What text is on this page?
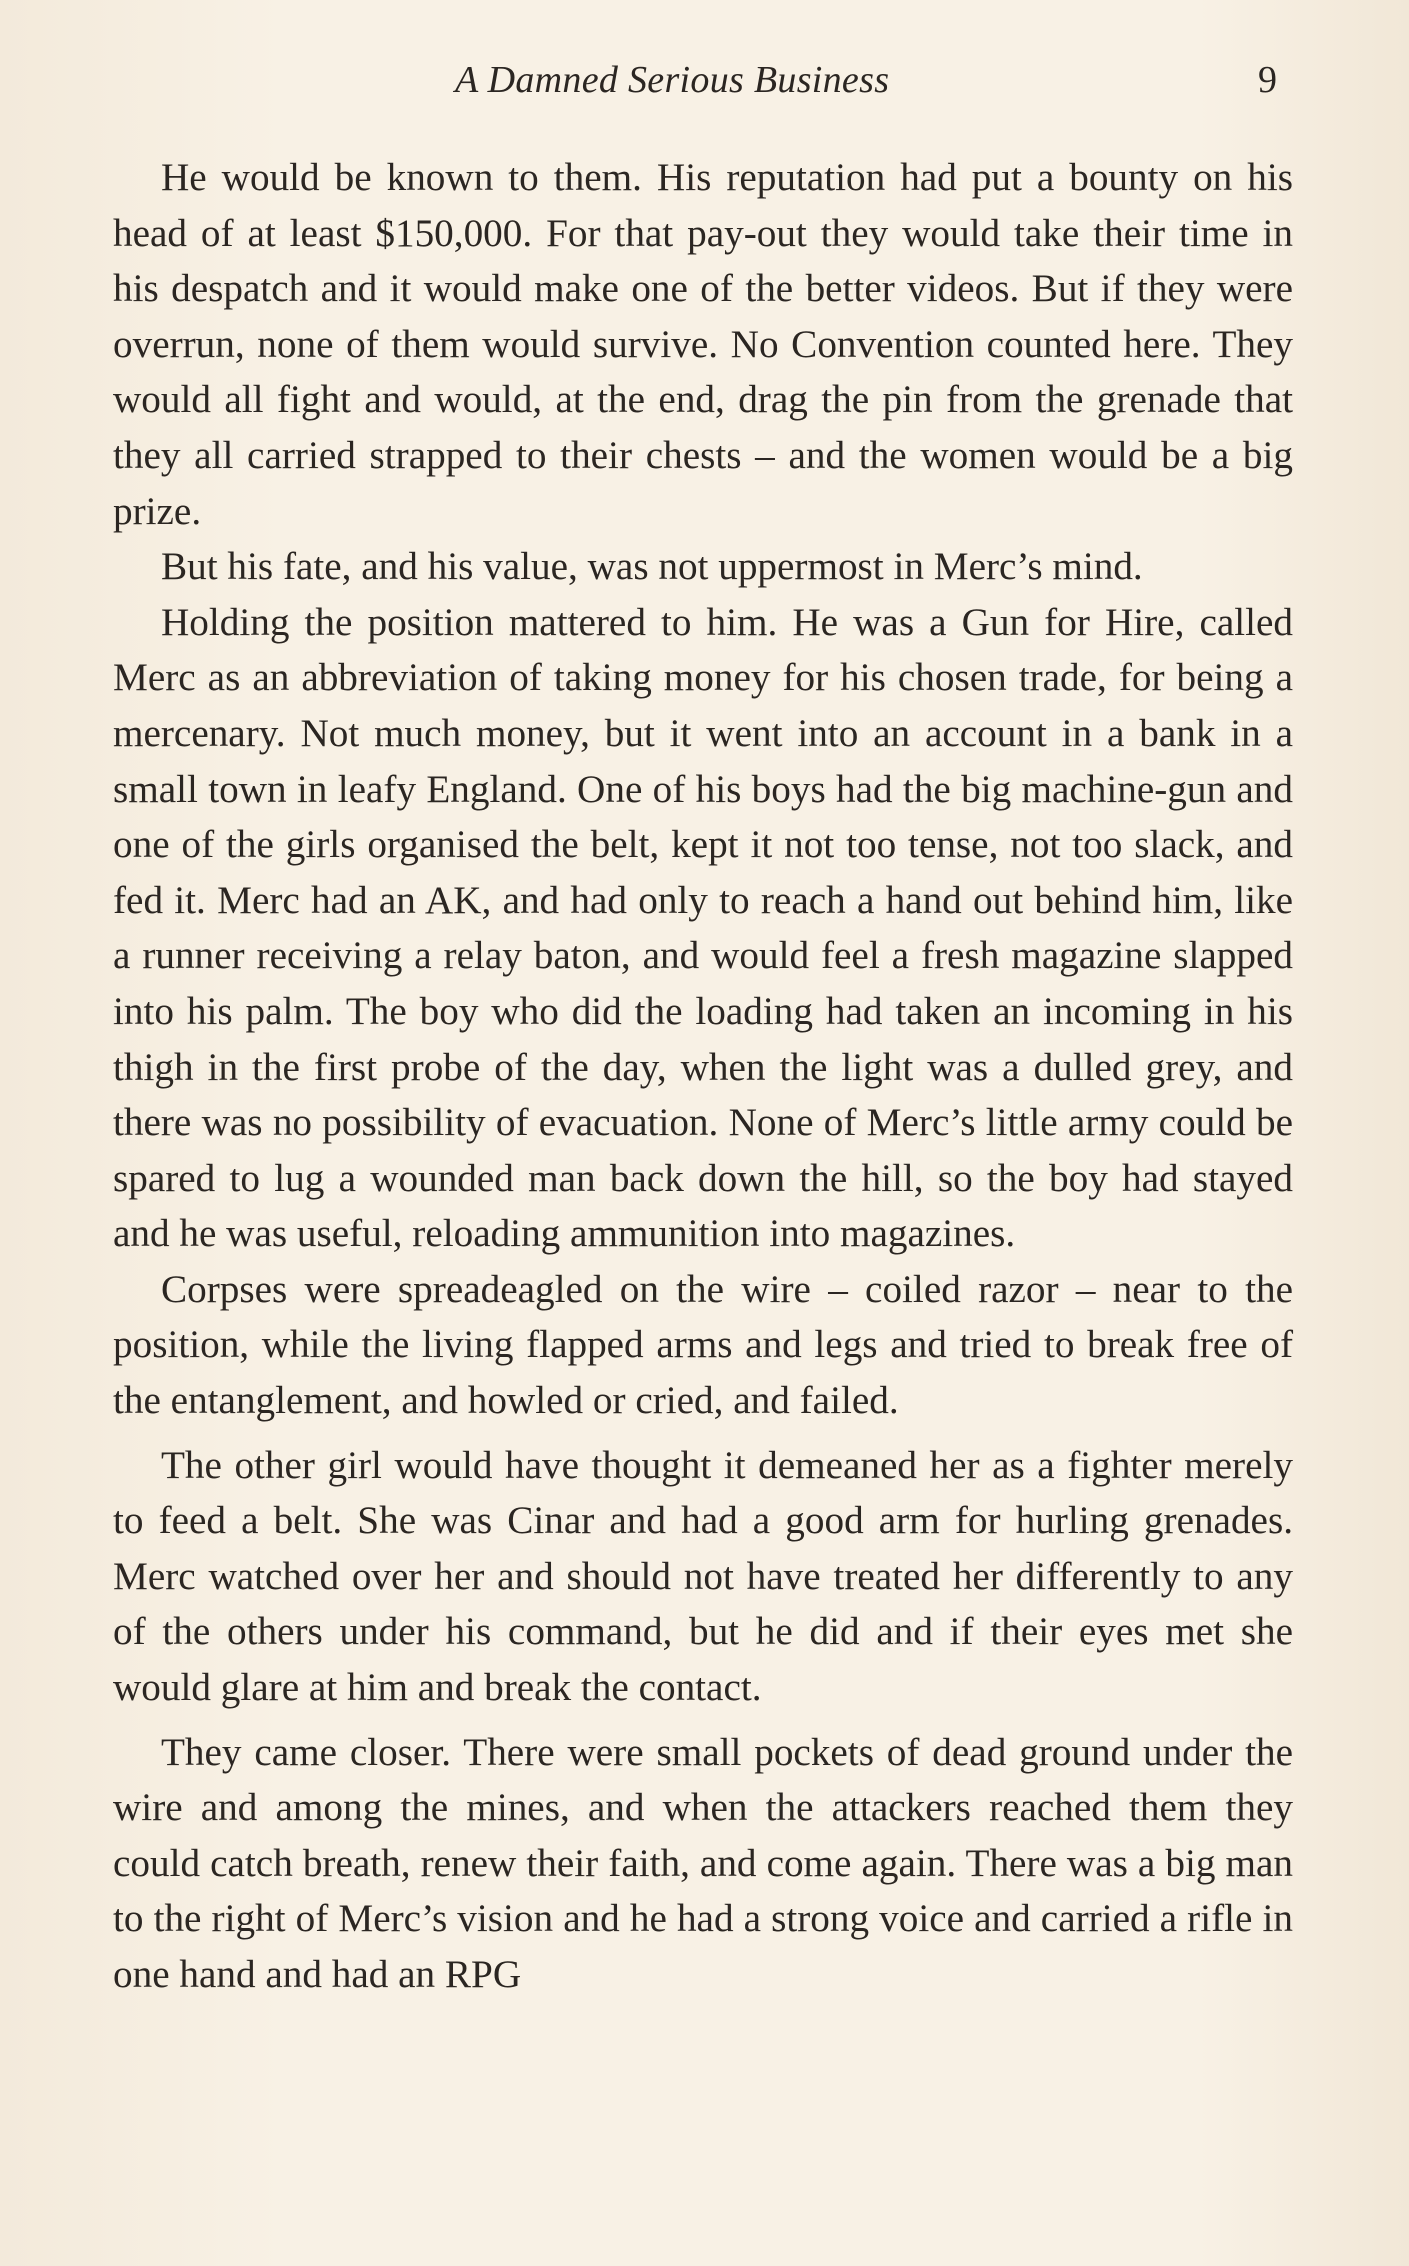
A Damned Serious Business	9

He would be known to them. His reputation had put a bounty on his head of at least $150,000. For that pay-out they would take their time in his despatch and it would make one of the better videos. But if they were overrun, none of them would survive. No Convention counted here. They would all fight and would, at the end, drag the pin from the grenade that they all carried strapped to their chests – and the women would be a big prize.

But his fate, and his value, was not uppermost in Merc’s mind.

Holding the position mattered to him. He was a Gun for Hire, called Merc as an abbreviation of taking money for his chosen trade, for being a mercenary. Not much money, but it went into an account in a bank in a small town in leafy England. One of his boys had the big machine-gun and one of the girls organised the belt, kept it not too tense, not too slack, and fed it. Merc had an AK, and had only to reach a hand out behind him, like a runner receiving a relay baton, and would feel a fresh magazine slapped into his palm. The boy who did the loading had taken an incoming in his thigh in the first probe of the day, when the light was a dulled grey, and there was no possibility of evacuation. None of Merc’s little army could be spared to lug a wounded man back down the hill, so the boy had stayed and he was useful, reloading ammunition into magazines.

Corpses were spreadeagled on the wire – coiled razor – near to the position, while the living flapped arms and legs and tried to break free of the entanglement, and howled or cried, and failed.

The other girl would have thought it demeaned her as a fighter merely to feed a belt. She was Cinar and had a good arm for hurling grenades. Merc watched over her and should not have treated her differently to any of the others under his command, but he did and if their eyes met she would glare at him and break the contact.

They came closer. There were small pockets of dead ground under the wire and among the mines, and when the attackers reached them they could catch breath, renew their faith, and come again. There was a big man to the right of Merc’s vision and he had a strong voice and carried a rifle in one hand and had an RPG
